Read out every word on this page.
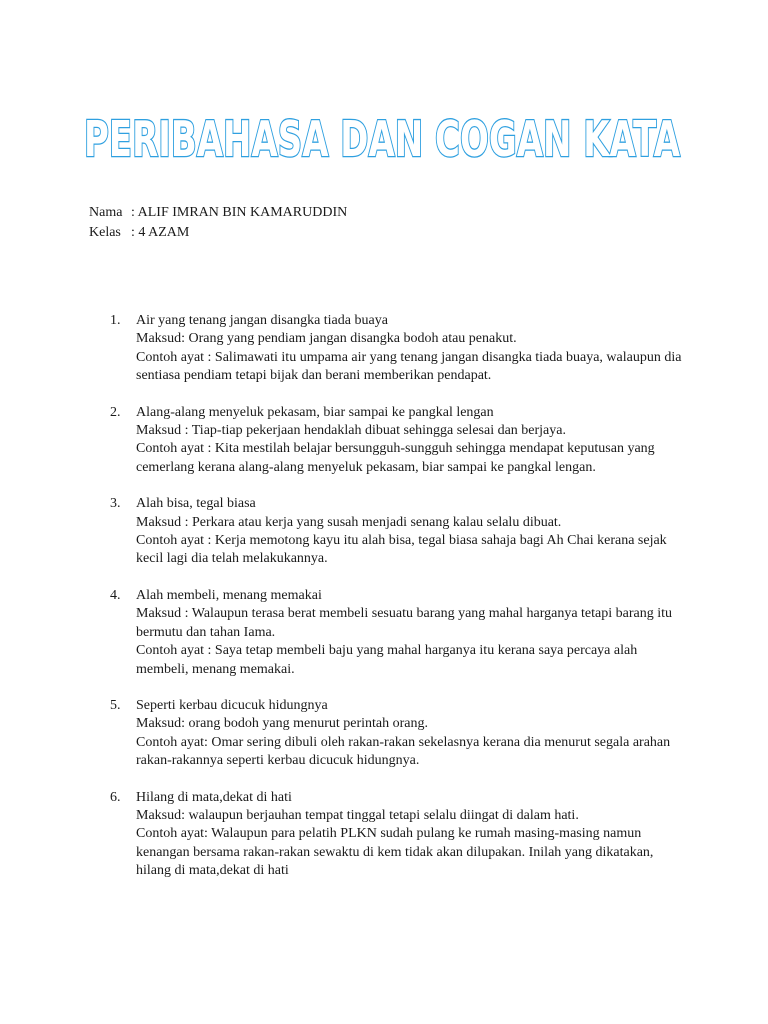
PERIBAHASA DAN COGAN KATA
Nama : ALIF IMRAN BIN KAMARUDDIN
Kelas : 4 AZAM
1.	Air yang tenang jangan disangka tiada buaya
Maksud: Orang yang pendiam jangan disangka bodoh atau penakut.
Contoh ayat : Salimawati itu umpama air yang tenang jangan disangka tiada buaya, walaupun dia
sentiasa pendiam tetapi bijak dan berani memberikan pendapat.
2.	Alang-alang menyeluk pekasam, biar sampai ke pangkal lengan
Maksud : Tiap-tiap pekerjaan hendaklah dibuat sehingga selesai dan berjaya.
Contoh ayat : Kita mestilah belajar bersungguh-sungguh sehingga mendapat keputusan yang
cemerlang kerana alang-alang menyeluk pekasam, biar sampai ke pangkal lengan.
3.	Alah bisa, tegal biasa
Maksud : Perkara atau kerja yang susah menjadi senang kalau selalu dibuat.
Contoh ayat : Kerja memotong kayu itu alah bisa, tegal biasa sahaja bagi Ah Chai kerana sejak
kecil lagi dia telah melakukannya.
4.	Alah membeli, menang memakai
Maksud : Walaupun terasa berat membeli sesuatu barang yang mahal harganya tetapi barang itu
bermutu dan tahan Iama.
Contoh ayat : Saya tetap membeli baju yang mahal harganya itu kerana saya percaya alah
membeli, menang memakai.
5.	Seperti kerbau dicucuk hidungnya
Maksud: orang bodoh yang menurut perintah orang.
Contoh ayat: Omar sering dibuli oleh rakan-rakan sekelasnya kerana dia menurut segala arahan
rakan-rakannya seperti kerbau dicucuk hidungnya.
6.	Hilang di mata,dekat di hati
Maksud: walaupun berjauhan tempat tinggal tetapi selalu diingat di dalam hati.
Contoh ayat: Walaupun para pelatih PLKN sudah pulang ke rumah masing-masing namun
kenangan bersama rakan-rakan sewaktu di kem tidak akan dilupakan. Inilah yang dikatakan,
hilang di mata,dekat di hati
